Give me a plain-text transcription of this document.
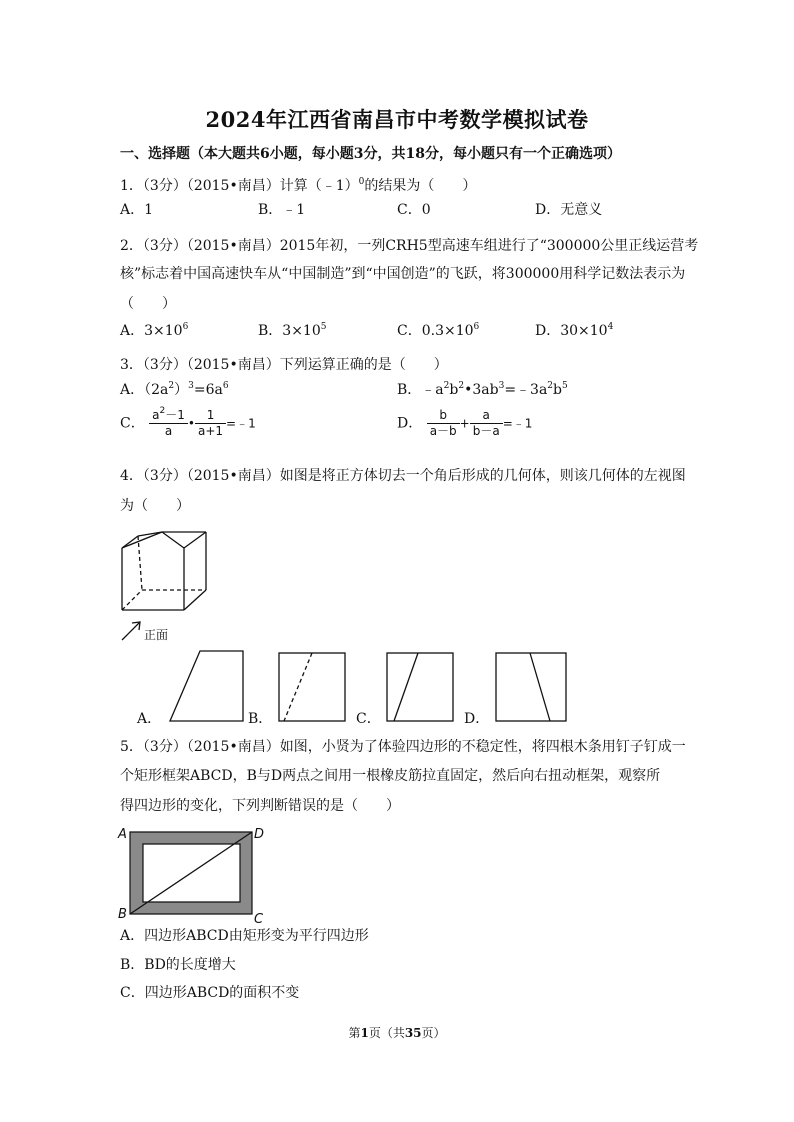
2024年江西省南昌市中考数学模拟试卷
一、选择题（本大题共6小题，每小题3分，共18分，每小题只有一个正确选项）
1．（3分）（2015•南昌）计算（﹣1）$^0$的结果为（　　）
A．1	B．﹣1	C．0	D．无意义
2．（3分）（2015•南昌）2015年初，一列CRH5型高速车组进行了“300000公里正线运营考
核”标志着中国高速快车从“中国制造”到“中国创造”的飞跃，将300000用科学记数法表示为
（　　）
A．$3\times 10^6$	B．$3\times 10^5$	C．$0.3\times 10^6$	D．$30\times 10^4$
3．（3分）（2015•南昌）下列运算正确的是（　　）
A．$(2a^2)^3=6a^6$	B．$﹣a^2b^2•3ab^3=﹣3a^2b^5$
C． $\frac{a^2-1}{a}$ • $\frac{1}{a+1}$ =﹣1	D． $\frac{b}{a-b} + \frac{a}{b-a}$ =﹣1
4．（3分）（2015•南昌）如图是将正方体切去一个角后形成的几何体，则该几何体的左视图
为（　　）
正面
A．	B．	C．	D．
5．（3分）（2015•南昌）如图，小贤为了体验四边形的不稳定性，将四根木条用钉子钉成一
个矩形框架ABCD，B与D两点之间用一根橡皮筋拉直固定，然后向右扭动框架，观察所
得四边形的变化，下列判断错误的是（　　）
A	D
B	C
A．四边形ABCD由矩形变为平行四边形
B．BD的长度增大
C．四边形ABCD的面积不变
第1页（共35页）
